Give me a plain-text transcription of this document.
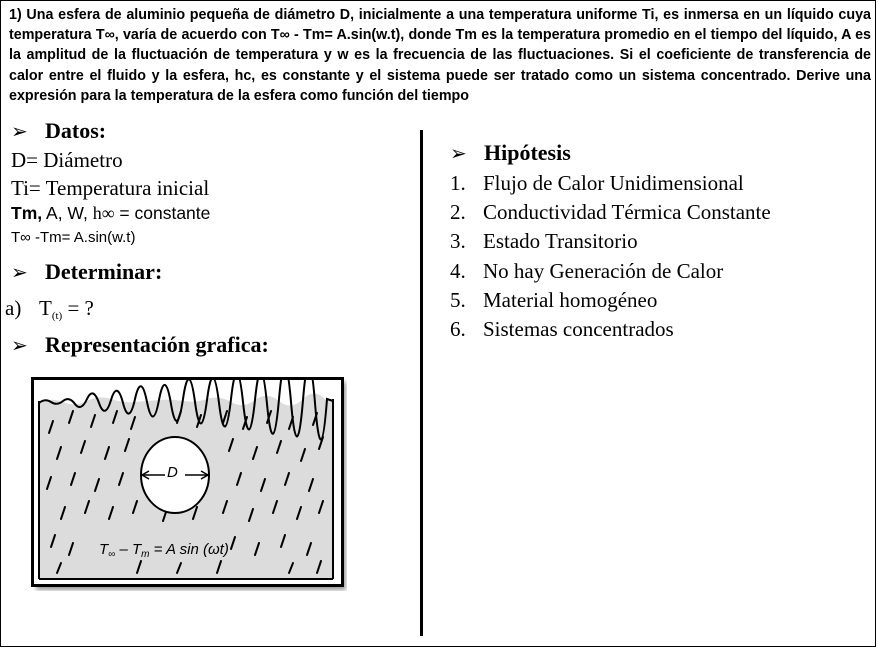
1) Una esfera de aluminio pequeña de diámetro D, inicialmente a una temperatura uniforme Ti, es inmersa en un líquido cuya temperatura T∞, varía de acuerdo con T∞ - Tm= A.sin(w.t), donde Tm es la temperatura promedio en el tiempo del líquido, A es la amplitud de la fluctuación de temperatura y w es la frecuencia de las fluctuaciones. Si el coeficiente de transferencia de calor entre el fluido y la esfera, hc, es constante y el sistema puede ser tratado como un sistema concentrado. Derive una expresión para la temperatura de la esfera como función del tiempo
➢ Datos:
D= Diámetro
Ti= Temperatura inicial
Tm, A, W, h∞ = constante
T∞ -Tm= A.sin(w.t)
➢ Determinar:
a) $T_{(t)}$ = ?
➢ Representación grafica:
D
$T_\infty - T_m = A$ sin (ωt)
➢ Hipótesis
1. Flujo de Calor Unidimensional
2. Conductividad Térmica Constante
3. Estado Transitorio
4. No hay Generación de Calor
5. Material homogéneo
6. Sistemas concentrados
